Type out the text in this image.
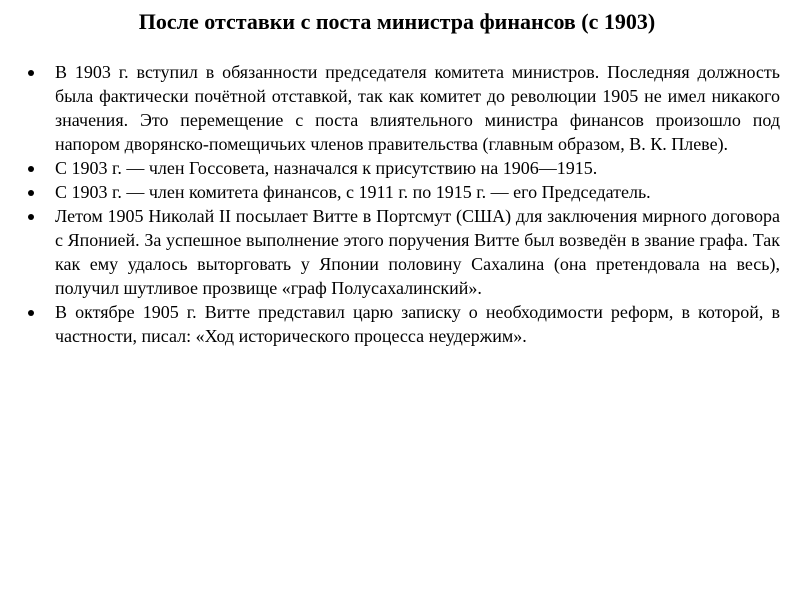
После отставки с поста министра финансов (с 1903)
В 1903 г. вступил в обязанности председателя комитета министров. Последняя должность была фактически почётной отставкой, так как комитет до революции 1905 не имел никакого значения. Это перемещение с поста влиятельного министра финансов произошло под напором дворянско-помещичьих членов правительства (главным образом, В. К. Плеве).
С 1903 г. — член Госсовета, назначался к присутствию на 1906—1915.
С 1903 г. — член комитета финансов, с 1911 г. по 1915 г. — его Председатель.
Летом 1905 Николай II посылает Витте в Портсмут (США) для заключения мирного договора с Японией. За успешное выполнение этого поручения Витте был возведён в звание графа. Так как ему удалось выторговать у Японии половину Сахалина (она претендовала на весь), получил шутливое прозвище «граф Полусахалинский».
В октябре 1905 г. Витте представил царю записку о необходимости реформ, в которой, в частности, писал: «Ход исторического процесса неудержим».
